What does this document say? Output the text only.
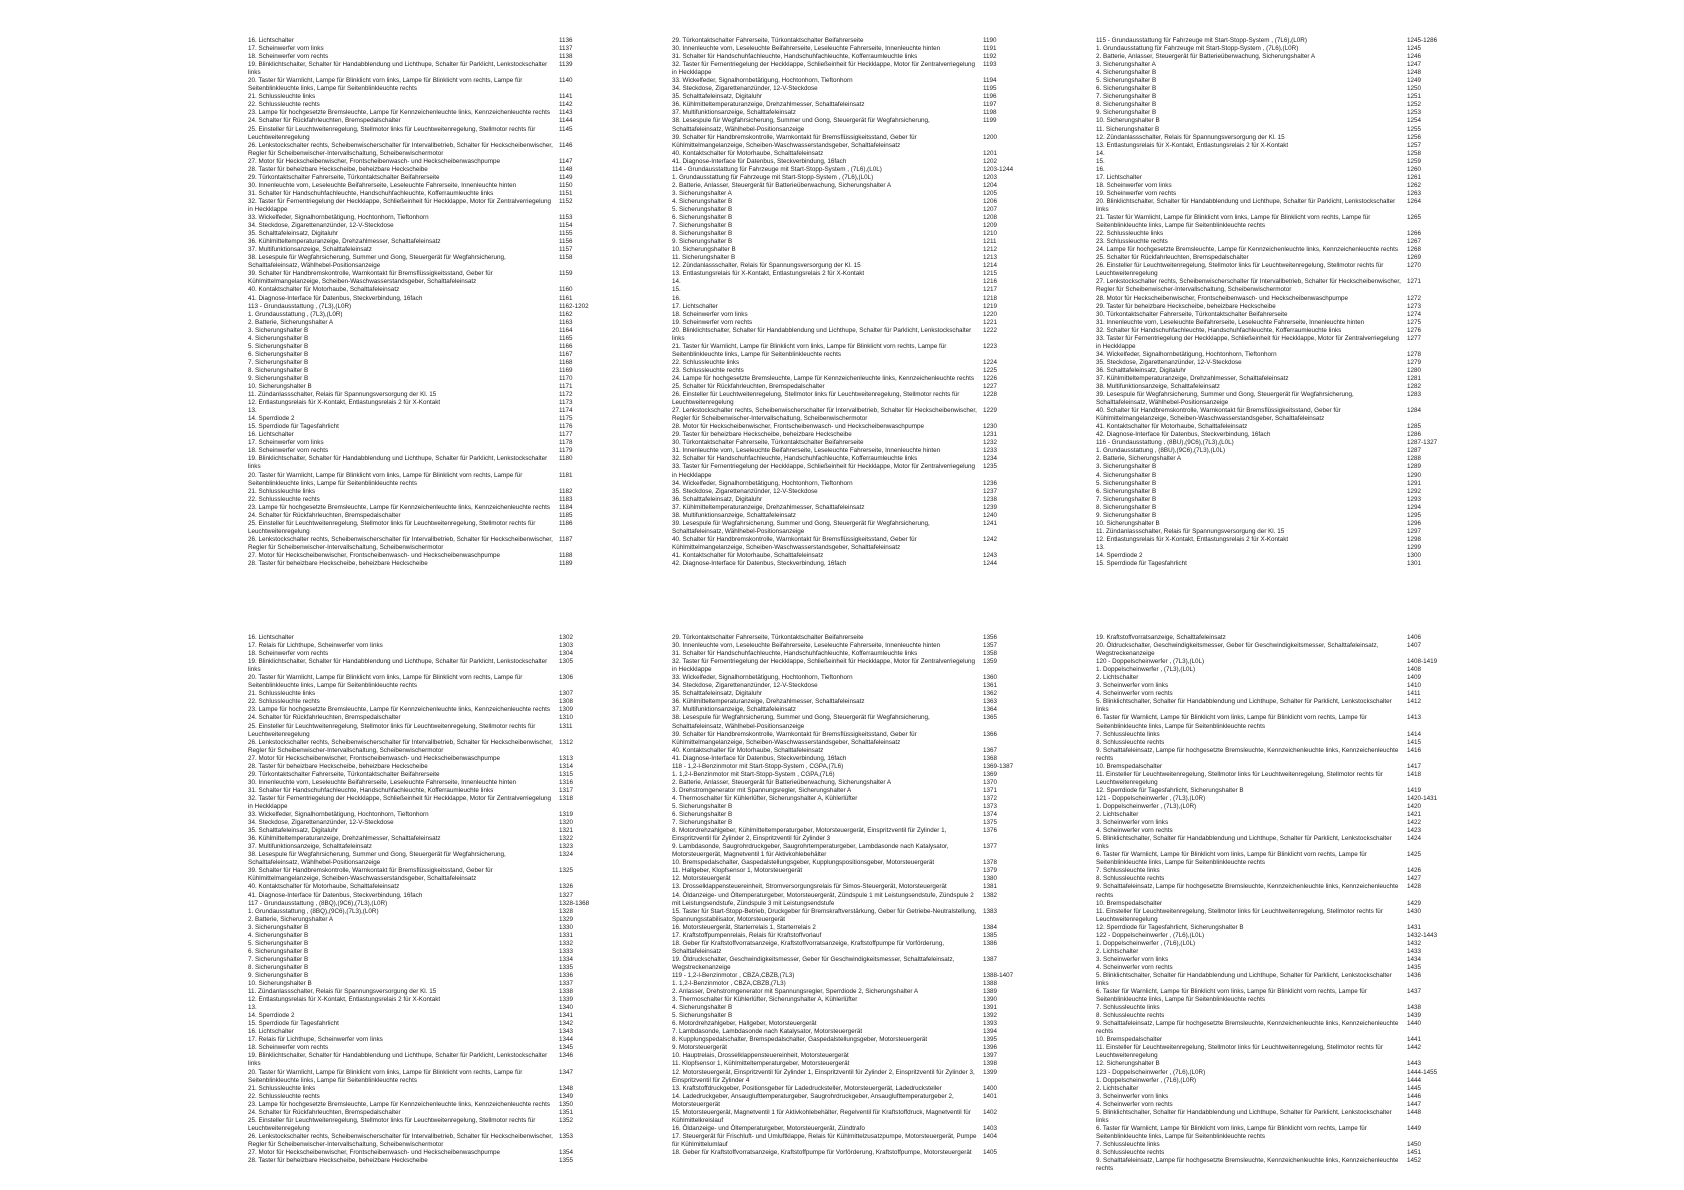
16. Lichtschalter	1136
17. Scheinwerfer vorn links	1137
18. Scheinwerfer vorn rechts	1138
19. Blinklichtschalter, Schalter für Handabblendung und Lichthupe, Schalter für Parklicht, Lenkstockschalter links
1139
20. Taster für Warnlicht, Lampe für Blinklicht vorn links, Lampe für Blinklicht vorn rechts, Lampe für Seitenblinkleuchte links, Lampe für Seitenblinkleuchte rechts
1140
21. Schlussleuchte links	1141
22. Schlussleuchte rechts	1142
23. Lampe für hochgesetzte Bremsleuchte, Lampe für Kennzeichenleuchte links, Kennzeichenleuchte rechts	1143
24. Schalter für Rückfahrleuchten, Bremspedalschalter	1144
25. Einsteller für Leuchtweitenregelung, Stellmotor links für Leuchtweitenregelung, Stellmotor rechts für Leuchtweitenregelung
1145
26. Lenkstockschalter rechts, Scheibenwischerschalter für Intervallbetrieb, Schalter für Heckscheibenwischer, Regler für Scheibenwischer-Intervallschaltung, Scheibenwischermotor
1146
27. Motor für Heckscheibenwischer, Frontscheibenwasch- und Heckscheibenwaschpumpe	1147
28. Taster für beheizbare Heckscheibe, beheizbare Heckscheibe	1148
29. Türkontaktschalter Fahrerseite, Türkontaktschalter Beifahrerseite	1149
30. Innenleuchte vorn, Leseleuchte Beifahrerseite, Leseleuchte Fahrerseite, Innenleuchte hinten	1150
31. Schalter für Handschuhfachleuchte, Handschuhfachleuchte, Kofferraumleuchte links	1151
32. Taster für Fernentriegelung der Heckklappe, Schließeinheit für Heckklappe, Motor für Zentralverriegelung in Heckklappe
1152
33. Wickelfeder, Signalhornbetätigung, Hochtonhorn, Tieftonhorn	1153
34. Steckdose, Zigarettenanzünder, 12-V-Steckdose	1154
35. Schalttafeleinsatz, Digitaluhr	1155
36. Kühlmitteltemperaturanzeige, Drehzahlmesser, Schalttafeleinsatz	1156
37. Multifunktionsanzeige, Schalttafeleinsatz	1157
38. Lesespule für Wegfahrsicherung, Summer und Gong, Steuergerät für Wegfahrsicherung, Schalttafeleinsatz, Wählhebel-Positionsanzeige
1158
39. Schalter für Handbremskontrolle, Warnkontakt für Bremsflüssigkeitsstand, Geber für Kühlmittelmangelanzeige, Scheiben-Waschwasserstandsgeber, Schalttafeleinsatz
1159
40. Kontaktschalter für Motorhaube, Schalttafeleinsatz	1160
41. Diagnose-Interface für Datenbus, Steckverbindung, 16fach	1161
113 - Grundausstattung , (7L3),(L0R)	1162-1202
1. Grundausstattung , (7L3),(L0R)	1162
2. Batterie, Sicherungshalter A	1163
3. Sicherungshalter B	1164
4. Sicherungshalter B	1165
5. Sicherungshalter B	1166
6. Sicherungshalter B	1167
7. Sicherungshalter B	1168
8. Sicherungshalter B	1169
9. Sicherungshalter B	1170
10. Sicherungshalter B	1171
11. Zündanlassschalter, Relais für Spannungsversorgung der Kl. 15	1172
12. Entlastungsrelais für X-Kontakt, Entlastungsrelais 2 für X-Kontakt	1173
13.	1174
14. Sperrdiode 2	1175
15. Sperrdiode für Tagesfahrlicht	1176
16. Lichtschalter	1177
17. Scheinwerfer vorn links	1178
18. Scheinwerfer vorn rechts	1179
19. Blinklichtschalter, Schalter für Handabblendung und Lichthupe, Schalter für Parklicht, Lenkstockschalter links
1180
20. Taster für Warnlicht, Lampe für Blinklicht vorn links, Lampe für Blinklicht vorn rechts, Lampe für Seitenblinkleuchte links, Lampe für Seitenblinkleuchte rechts
1181
21. Schlussleuchte links	1182
22. Schlussleuchte rechts	1183
23. Lampe für hochgesetzte Bremsleuchte, Lampe für Kennzeichenleuchte links, Kennzeichenleuchte rechts	1184
24. Schalter für Rückfahrleuchten, Bremspedalschalter	1185
25. Einsteller für Leuchtweitenregelung, Stellmotor links für Leuchtweitenregelung, Stellmotor rechts für Leuchtweitenregelung
1186
26. Lenkstockschalter rechts, Scheibenwischerschalter für Intervallbetrieb, Schalter für Heckscheibenwischer, Regler für Scheibenwischer-Intervallschaltung, Scheibenwischermotor
1187
27. Motor für Heckscheibenwischer, Frontscheibenwasch- und Heckscheibenwaschpumpe	1188
28. Taster für beheizbare Heckscheibe, beheizbare Heckscheibe	1189
29. Türkontaktschalter Fahrerseite, Türkontaktschalter Beifahrerseite	1190
30. Innenleuchte vorn, Leseleuchte Beifahrerseite, Leseleuchte Fahrerseite, Innenleuchte hinten	1191
31. Schalter für Handschuhfachleuchte, Handschuhfachleuchte, Kofferraumleuchte links	1192
32. Taster für Fernentriegelung der Heckklappe, Schließeinheit für Heckklappe, Motor für Zentralverriegelung in Heckklappe
1193
33. Wickelfeder, Signalhornbetätigung, Hochtonhorn, Tieftonhorn	1194
34. Steckdose, Zigarettenanzünder, 12-V-Steckdose	1195
35. Schalttafeleinsatz, Digitaluhr	1196
36. Kühlmitteltemperaturanzeige, Drehzahlmesser, Schalttafeleinsatz	1197
37. Multifunktionsanzeige, Schalttafeleinsatz	1198
38. Lesespule für Wegfahrsicherung, Summer und Gong, Steuergerät für Wegfahrsicherung, Schalttafeleinsatz, Wählhebel-Positionsanzeige
1199
39. Schalter für Handbremskontrolle, Warnkontakt für Bremsflüssigkeitsstand, Geber für Kühlmittelmangelanzeige, Scheiben-Waschwasserstandsgeber, Schalttafeleinsatz
1200
40. Kontaktschalter für Motorhaube, Schalttafeleinsatz	1201
41. Diagnose-Interface für Datenbus, Steckverbindung, 16fach	1202
114 - Grundausstattung für Fahrzeuge mit Start-Stopp-System , (7L6),(L0L)	1203-1244
1. Grundausstattung für Fahrzeuge mit Start-Stopp-System , (7L6),(L0L)	1203
2. Batterie, Anlasser, Steuergerät für Batterieüberwachung, Sicherungshalter A	1204
3. Sicherungshalter A	1205
4. Sicherungshalter B	1206
5. Sicherungshalter B	1207
6. Sicherungshalter B	1208
7. Sicherungshalter B	1209
8. Sicherungshalter B	1210
9. Sicherungshalter B	1211
10. Sicherungshalter B	1212
11. Sicherungshalter B	1213
12. Zündanlassschalter, Relais für Spannungsversorgung der Kl. 15	1214
13. Entlastungsrelais für X-Kontakt, Entlastungsrelais 2 für X-Kontakt	1215
14.	1216
15.	1217
16.	1218
17. Lichtschalter	1219
18. Scheinwerfer vorn links	1220
19. Scheinwerfer vorn rechts	1221
20. Blinklichtschalter, Schalter für Handabblendung und Lichthupe, Schalter für Parklicht, Lenkstockschalter links
1222
21. Taster für Warnlicht, Lampe für Blinklicht vorn links, Lampe für Blinklicht vorn rechts, Lampe für Seitenblinkleuchte links, Lampe für Seitenblinkleuchte rechts
1223
22. Schlussleuchte links	1224
23. Schlussleuchte rechts	1225
24. Lampe für hochgesetzte Bremsleuchte, Lampe für Kennzeichenleuchte links, Kennzeichenleuchte rechts	1226
25. Schalter für Rückfahrleuchten, Bremspedalschalter	1227
26. Einsteller für Leuchtweitenregelung, Stellmotor links für Leuchtweitenregelung, Stellmotor rechts für Leuchtweitenregelung
1228
27. Lenkstockschalter rechts, Scheibenwischerschalter für Intervallbetrieb, Schalter für Heckscheibenwischer, Regler für Scheibenwischer-Intervallschaltung, Scheibenwischermotor
1229
28. Motor für Heckscheibenwischer, Frontscheibenwasch- und Heckscheibenwaschpumpe	1230
29. Taster für beheizbare Heckscheibe, beheizbare Heckscheibe	1231
30. Türkontaktschalter Fahrerseite, Türkontaktschalter Beifahrerseite	1232
31. Innenleuchte vorn, Leseleuchte Beifahrerseite, Leseleuchte Fahrerseite, Innenleuchte hinten	1233
32. Schalter für Handschuhfachleuchte, Handschuhfachleuchte, Kofferraumleuchte links	1234
33. Taster für Fernentriegelung der Heckklappe, Schließeinheit für Heckklappe, Motor für Zentralverriegelung in Heckklappe
1235
34. Wickelfeder, Signalhornbetätigung, Hochtonhorn, Tieftonhorn	1236
35. Steckdose, Zigarettenanzünder, 12-V-Steckdose	1237
36. Schalttafeleinsatz, Digitaluhr	1238
37. Kühlmitteltemperaturanzeige, Drehzahlmesser, Schalttafeleinsatz	1239
38. Multifunktionsanzeige, Schalttafeleinsatz	1240
39. Lesespule für Wegfahrsicherung, Summer und Gong, Steuergerät für Wegfahrsicherung, Schalttafeleinsatz, Wählhebel-Positionsanzeige
1241
40. Schalter für Handbremskontrolle, Warnkontakt für Bremsflüssigkeitsstand, Geber für Kühlmittelmangelanzeige, Scheiben-Waschwasserstandsgeber, Schalttafeleinsatz
1242
41. Kontaktschalter für Motorhaube, Schalttafeleinsatz	1243
42. Diagnose-Interface für Datenbus, Steckverbindung, 16fach	1244
115 - Grundausstattung für Fahrzeuge mit Start-Stopp-System , (7L6),(L0R)	1245-1286
1. Grundausstattung für Fahrzeuge mit Start-Stopp-System , (7L6),(L0R)	1245
2. Batterie, Anlasser, Steuergerät für Batterieüberwachung, Sicherungshalter A	1246
3. Sicherungshalter A	1247
4. Sicherungshalter B	1248
5. Sicherungshalter B	1249
6. Sicherungshalter B	1250
7. Sicherungshalter B	1251
8. Sicherungshalter B	1252
9. Sicherungshalter B	1253
10. Sicherungshalter B	1254
11. Sicherungshalter B	1255
12. Zündanlassschalter, Relais für Spannungsversorgung der Kl. 15	1256
13. Entlastungsrelais für X-Kontakt, Entlastungsrelais 2 für X-Kontakt	1257
14.	1258
15.	1259
16.	1260
17. Lichtschalter	1261
18. Scheinwerfer vorn links	1262
19. Scheinwerfer vorn rechts	1263
20. Blinklichtschalter, Schalter für Handabblendung und Lichthupe, Schalter für Parklicht, Lenkstockschalter links
1264
21. Taster für Warnlicht, Lampe für Blinklicht vorn links, Lampe für Blinklicht vorn rechts, Lampe für Seitenblinkleuchte links, Lampe für Seitenblinkleuchte rechts
1265
22. Schlussleuchte links	1266
23. Schlussleuchte rechts	1267
24. Lampe für hochgesetzte Bremsleuchte, Lampe für Kennzeichenleuchte links, Kennzeichenleuchte rechts	1268
25. Schalter für Rückfahrleuchten, Bremspedalschalter	1269
26. Einsteller für Leuchtweitenregelung, Stellmotor links für Leuchtweitenregelung, Stellmotor rechts für Leuchtweitenregelung
1270
27. Lenkstockschalter rechts, Scheibenwischerschalter für Intervallbetrieb, Schalter für Heckscheibenwischer, Regler für Scheibenwischer-Intervallschaltung, Scheibenwischermotor
1271
28. Motor für Heckscheibenwischer, Frontscheibenwasch- und Heckscheibenwaschpumpe	1272
29. Taster für beheizbare Heckscheibe, beheizbare Heckscheibe	1273
30. Türkontaktschalter Fahrerseite, Türkontaktschalter Beifahrerseite	1274
31. Innenleuchte vorn, Leseleuchte Beifahrerseite, Leseleuchte Fahrerseite, Innenleuchte hinten	1275
32. Schalter für Handschuhfachleuchte, Handschuhfachleuchte, Kofferraumleuchte links	1276
33. Taster für Fernentriegelung der Heckklappe, Schließeinheit für Heckklappe, Motor für Zentralverriegelung in Heckklappe
1277
34. Wickelfeder, Signalhornbetätigung, Hochtonhorn, Tieftonhorn	1278
35. Steckdose, Zigarettenanzünder, 12-V-Steckdose	1279
36. Schalttafeleinsatz, Digitaluhr	1280
37. Kühlmitteltemperaturanzeige, Drehzahlmesser, Schalttafeleinsatz	1281
38. Multifunktionsanzeige, Schalttafeleinsatz	1282
39. Lesespule für Wegfahrsicherung, Summer und Gong, Steuergerät für Wegfahrsicherung, Schalttafeleinsatz, Wählhebel-Positionsanzeige
1283
40. Schalter für Handbremskontrolle, Warnkontakt für Bremsflüssigkeitsstand, Geber für Kühlmittelmangelanzeige, Scheiben-Waschwasserstandsgeber, Schalttafeleinsatz
1284
41. Kontaktschalter für Motorhaube, Schalttafeleinsatz	1285
42. Diagnose-Interface für Datenbus, Steckverbindung, 16fach	1286
116 - Grundausstattung , (8BU),(9C6),(7L3),(L0L)	1287-1327
1. Grundausstattung , (8BU),(9C6),(7L3),(L0L)	1287
2. Batterie, Sicherungshalter A	1288
3. Sicherungshalter B	1289
4. Sicherungshalter B	1290
5. Sicherungshalter B	1291
6. Sicherungshalter B	1292
7. Sicherungshalter B	1293
8. Sicherungshalter B	1294
9. Sicherungshalter B	1295
10. Sicherungshalter B	1296
11. Zündanlassschalter, Relais für Spannungsversorgung der Kl. 15	1297
12. Entlastungsrelais für X-Kontakt, Entlastungsrelais 2 für X-Kontakt	1298
13.	1299
14. Sperrdiode 2	1300
15. Sperrdiode für Tagesfahrlicht	1301
16. Lichtschalter	1302
17. Relais für Lichthupe, Scheinwerfer vorn links	1303
18. Scheinwerfer vorn rechts	1304
19. Blinklichtschalter, Schalter für Handabblendung und Lichthupe, Schalter für Parklicht, Lenkstockschalter links
1305
20. Taster für Warnlicht, Lampe für Blinklicht vorn links, Lampe für Blinklicht vorn rechts, Lampe für Seitenblinkleuchte links, Lampe für Seitenblinkleuchte rechts
1306
21. Schlussleuchte links	1307
22. Schlussleuchte rechts	1308
23. Lampe für hochgesetzte Bremsleuchte, Lampe für Kennzeichenleuchte links, Kennzeichenleuchte rechts	1309
24. Schalter für Rückfahrleuchten, Bremspedalschalter	1310
25. Einsteller für Leuchtweitenregelung, Stellmotor links für Leuchtweitenregelung, Stellmotor rechts für Leuchtweitenregelung
1311
26. Lenkstockschalter rechts, Scheibenwischerschalter für Intervallbetrieb, Schalter für Heckscheibenwischer, Regler für Scheibenwischer-Intervallschaltung, Scheibenwischermotor
1312
27. Motor für Heckscheibenwischer, Frontscheibenwasch- und Heckscheibenwaschpumpe	1313
28. Taster für beheizbare Heckscheibe, beheizbare Heckscheibe	1314
29. Türkontaktschalter Fahrerseite, Türkontaktschalter Beifahrerseite	1315
30. Innenleuchte vorn, Leseleuchte Beifahrerseite, Leseleuchte Fahrerseite, Innenleuchte hinten	1316
31. Schalter für Handschuhfachleuchte, Handschuhfachleuchte, Kofferraumleuchte links	1317
32. Taster für Fernentriegelung der Heckklappe, Schließeinheit für Heckklappe, Motor für Zentralverriegelung in Heckklappe
1318
33. Wickelfeder, Signalhornbetätigung, Hochtonhorn, Tieftonhorn	1319
34. Steckdose, Zigarettenanzünder, 12-V-Steckdose	1320
35. Schalttafeleinsatz, Digitaluhr	1321
36. Kühlmitteltemperaturanzeige, Drehzahlmesser, Schalttafeleinsatz	1322
37. Multifunktionsanzeige, Schalttafeleinsatz	1323
38. Lesespule für Wegfahrsicherung, Summer und Gong, Steuergerät für Wegfahrsicherung, Schalttafeleinsatz, Wählhebel-Positionsanzeige
1324
39. Schalter für Handbremskontrolle, Warnkontakt für Bremsflüssigkeitsstand, Geber für Kühlmittelmangelanzeige, Scheiben-Waschwasserstandsgeber, Schalttafeleinsatz
1325
40. Kontaktschalter für Motorhaube, Schalttafeleinsatz	1326
41. Diagnose-Interface für Datenbus, Steckverbindung, 16fach	1327
117 - Grundausstattung , (8BQ),(9C6),(7L3),(L0R)	1328-1368
1. Grundausstattung , (8BQ),(9C6),(7L3),(L0R)	1328
2. Batterie, Sicherungshalter A	1329
3. Sicherungshalter B	1330
4. Sicherungshalter B	1331
5. Sicherungshalter B	1332
6. Sicherungshalter B	1333
7. Sicherungshalter B	1334
8. Sicherungshalter B	1335
9. Sicherungshalter B	1336
10. Sicherungshalter B	1337
11. Zündanlassschalter, Relais für Spannungsversorgung der Kl. 15	1338
12. Entlastungsrelais für X-Kontakt, Entlastungsrelais 2 für X-Kontakt	1339
13.	1340
14. Sperrdiode 2	1341
15. Sperrdiode für Tagesfahrlicht	1342
16. Lichtschalter	1343
17. Relais für Lichthupe, Scheinwerfer vorn links	1344
18. Scheinwerfer vorn rechts	1345
19. Blinklichtschalter, Schalter für Handabblendung und Lichthupe, Schalter für Parklicht, Lenkstockschalter links
1346
20. Taster für Warnlicht, Lampe für Blinklicht vorn links, Lampe für Blinklicht vorn rechts, Lampe für Seitenblinkleuchte links, Lampe für Seitenblinkleuchte rechts
1347
21. Schlussleuchte links	1348
22. Schlussleuchte rechts	1349
23. Lampe für hochgesetzte Bremsleuchte, Lampe für Kennzeichenleuchte links, Kennzeichenleuchte rechts	1350
24. Schalter für Rückfahrleuchten, Bremspedalschalter	1351
25. Einsteller für Leuchtweitenregelung, Stellmotor links für Leuchtweitenregelung, Stellmotor rechts für Leuchtweitenregelung
1352
26. Lenkstockschalter rechts, Scheibenwischerschalter für Intervallbetrieb, Schalter für Heckscheibenwischer, Regler für Scheibenwischer-Intervallschaltung, Scheibenwischermotor
1353
27. Motor für Heckscheibenwischer, Frontscheibenwasch- und Heckscheibenwaschpumpe	1354
28. Taster für beheizbare Heckscheibe, beheizbare Heckscheibe	1355
29. Türkontaktschalter Fahrerseite, Türkontaktschalter Beifahrerseite	1356
30. Innenleuchte vorn, Leseleuchte Beifahrerseite, Leseleuchte Fahrerseite, Innenleuchte hinten	1357
31. Schalter für Handschuhfachleuchte, Handschuhfachleuchte, Kofferraumleuchte links	1358
32. Taster für Fernentriegelung der Heckklappe, Schließeinheit für Heckklappe, Motor für Zentralverriegelung in Heckklappe
1359
33. Wickelfeder, Signalhornbetätigung, Hochtonhorn, Tieftonhorn	1360
34. Steckdose, Zigarettenanzünder, 12-V-Steckdose	1361
35. Schalttafeleinsatz, Digitaluhr	1362
36. Kühlmitteltemperaturanzeige, Drehzahlmesser, Schalttafeleinsatz	1363
37. Multifunktionsanzeige, Schalttafeleinsatz	1364
38. Lesespule für Wegfahrsicherung, Summer und Gong, Steuergerät für Wegfahrsicherung, Schalttafeleinsatz, Wählhebel-Positionsanzeige
1365
39. Schalter für Handbremskontrolle, Warnkontakt für Bremsflüssigkeitsstand, Geber für Kühlmittelmangelanzeige, Scheiben-Waschwasserstandsgeber, Schalttafeleinsatz
1366
40. Kontaktschalter für Motorhaube, Schalttafeleinsatz	1367
41. Diagnose-Interface für Datenbus, Steckverbindung, 16fach	1368
118 - 1,2-l-Benzinmotor mit Start-Stopp-System , CGPA,(7L6)	1369-1387
1. 1,2-l-Benzinmotor mit Start-Stopp-System , CGPA,(7L6)	1369
2. Batterie, Anlasser, Steuergerät für Batterieüberwachung, Sicherungshalter A	1370
3. Drehstromgenerator mit Spannungsregler, Sicherungshalter A	1371
4. Thermoschalter für Kühlerlüfter, Sicherungshalter A, Kühlerlüfter	1372
5. Sicherungshalter B	1373
6. Sicherungshalter B	1374
7. Sicherungshalter B	1375
8. Motordrehzahlgeber, Kühlmitteltemperaturgeber, Motorsteuergerät, Einspritzventil für Zylinder 1, Einspritzventil für Zylinder 2, Einspritzventil für Zylinder 3
1376
9. Lambdasonde, Saugrohrdruckgeber, Saugrohrtemperaturgeber, Lambdasonde nach Katalysator, Motorsteuergerät, Magnetventil 1 für Aktivkohlebehälter
1377
10. Bremspedalschalter, Gaspedalstellungsgeber, Kupplungspositionsgeber, Motorsteuergerät	1378
11. Hallgeber, Klopfsensor 1, Motorsteuergerät	1379
12. Motorsteuergerät	1380
13. Drosselklappensteuereinheit, Stromversorgungsrelais für Simos-Steuergerät, Motorsteuergerät	1381
14. Öldanzeige- und Öltemperaturgeber, Motorsteuergerät, Zündspule 1 mit Leistungsendstufe, Zündspule 2 mit Leistungsendstufe, Zündspule 3 mit Leistungsendstufe
1382
15. Taster für Start-Stopp-Betrieb, Druckgeber für Bremskraftverstärkung, Geber für Getriebe-Neutralstellung, Spannungsstabilisator, Motorsteuergerät
1383
16. Motorsteuergerät, Starterrelais 1, Starterrelais 2	1384
17. Kraftstoffpumpenrelais, Relais für Kraftstoffvorlauf	1385
18. Geber für Kraftstoffvorratsanzeige, Kraftstoffvorratsanzeige, Kraftstoffpumpe für Vorförderung, Schalttafeleinsatz
1386
19. Öldruckschalter, Geschwindigkeitsmesser, Geber für Geschwindigkeitsmesser, Schalttafeleinsatz, Wegstreckenanzeige
1387
119 - 1,2-l-Benzinmotor , CBZA,CBZB,(7L3)	1388-1407
1. 1,2-l-Benzinmotor , CBZA,CBZB,(7L3)	1388
2. Anlasser, Drehstromgenerator mit Spannungsregler, Sperrdiode 2, Sicherungshalter A	1389
3. Thermoschalter für Kühlerlüfter, Sicherungshalter A, Kühlerlüfter	1390
4. Sicherungshalter B	1391
5. Sicherungshalter B	1392
6. Motordrehzahlgeber, Hallgeber, Motorsteuergerät	1393
7. Lambdasonde, Lambdasonde nach Katalysator, Motorsteuergerät	1394
8. Kupplungspedalschalter, Bremspedalschalter, Gaspedalstellungsgeber, Motorsteuergerät	1395
9. Motorsteuergerät	1396
10. Hauptrelais, Drosselklappensteuereinheit, Motorsteuergerät	1397
11. Klopfsensor 1, Kühlmitteltemperaturgeber, Motorsteuergerät	1398
12. Motorsteuergerät, Einspritzventil für Zylinder 1, Einspritzventil für Zylinder 2, Einspritzventil für Zylinder 3, Einspritzventil für Zylinder 4
1399
13. Kraftstoffdruckgeber, Positionsgeber für Ladedrucksteller, Motorsteuergerät, Ladedrucksteller	1400
14. Ladedruckgeber, Ansauglufttemperaturgeber, Saugrohrdruckgeber, Ansauglufttemperaturgeber 2, Motorsteuergerät
1401
15. Motorsteuergerät, Magnetventil 1 für Aktivkohlebehälter, Regelventil für Kraftstoffdruck, Magnetventil für Kühlmittelkreislauf
1402
16. Öldanzeige- und Öltemperaturgeber, Motorsteuergerät, Zündtrafo	1403
17. Steuergerät für Frischluft- und Umluftklappe, Relais für Kühlmittelzusatzpumpe, Motorsteuergerät, Pumpe für Kühlmittelumlauf
1404
18. Geber für Kraftstoffvorratsanzeige, Kraftstoffpumpe für Vorförderung, Kraftstoffpumpe, Motorsteuergerät	1405
19. Kraftstoffvorratsanzeige, Schalttafeleinsatz	1406
20. Öldruckschalter, Geschwindigkeitsmesser, Geber für Geschwindigkeitsmesser, Schalttafeleinsatz, Wegstreckenanzeige
1407
120 - Doppelscheinwerfer , (7L3),(L0L)	1408-1419
1. Doppelscheinwerfer , (7L3),(L0L)	1408
2. Lichtschalter	1409
3. Scheinwerfer vorn links	1410
4. Scheinwerfer vorn rechts	1411
5. Blinklichtschalter, Schalter für Handabblendung und Lichthupe, Schalter für Parklicht, Lenkstockschalter links
1412
6. Taster für Warnlicht, Lampe für Blinklicht vorn links, Lampe für Blinklicht vorn rechts, Lampe für Seitenblinkleuchte links, Lampe für Seitenblinkleuchte rechts
1413
7. Schlussleuchte links	1414
8. Schlussleuchte rechts	1415
9. Schalttafeleinsatz, Lampe für hochgesetzte Bremsleuchte, Kennzeichenleuchte links, Kennzeichenleuchte rechts
1416
10. Bremspedalschalter	1417
11. Einsteller für Leuchtweitenregelung, Stellmotor links für Leuchtweitenregelung, Stellmotor rechts für Leuchtweitenregelung
1418
12. Sperrdiode für Tagesfahrlicht, Sicherungshalter B	1419
121 - Doppelscheinwerfer , (7L3),(L0R)	1420-1431
1. Doppelscheinwerfer , (7L3),(L0R)	1420
2. Lichtschalter	1421
3. Scheinwerfer vorn links	1422
4. Scheinwerfer vorn rechts	1423
5. Blinklichtschalter, Schalter für Handabblendung und Lichthupe, Schalter für Parklicht, Lenkstockschalter links
1424
6. Taster für Warnlicht, Lampe für Blinklicht vorn links, Lampe für Blinklicht vorn rechts, Lampe für Seitenblinkleuchte links, Lampe für Seitenblinkleuchte rechts
1425
7. Schlussleuchte links	1426
8. Schlussleuchte rechts	1427
9. Schalttafeleinsatz, Lampe für hochgesetzte Bremsleuchte, Kennzeichenleuchte links, Kennzeichenleuchte rechts
1428
10. Bremspedalschalter	1429
11. Einsteller für Leuchtweitenregelung, Stellmotor links für Leuchtweitenregelung, Stellmotor rechts für Leuchtweitenregelung
1430
12. Sperrdiode für Tagesfahrlicht, Sicherungshalter B	1431
122 - Doppelscheinwerfer , (7L6),(L0L)	1432-1443
1. Doppelscheinwerfer , (7L6),(L0L)	1432
2. Lichtschalter	1433
3. Scheinwerfer vorn links	1434
4. Scheinwerfer vorn rechts	1435
5. Blinklichtschalter, Schalter für Handabblendung und Lichthupe, Schalter für Parklicht, Lenkstockschalter links
1436
6. Taster für Warnlicht, Lampe für Blinklicht vorn links, Lampe für Blinklicht vorn rechts, Lampe für Seitenblinkleuchte links, Lampe für Seitenblinkleuchte rechts
1437
7. Schlussleuchte links	1438
8. Schlussleuchte rechts	1439
9. Schalttafeleinsatz, Lampe für hochgesetzte Bremsleuchte, Kennzeichenleuchte links, Kennzeichenleuchte rechts
1440
10. Bremspedalschalter	1441
11. Einsteller für Leuchtweitenregelung, Stellmotor links für Leuchtweitenregelung, Stellmotor rechts für Leuchtweitenregelung
1442
12. Sicherungshalter B	1443
123 - Doppelscheinwerfer , (7L6),(L0R)	1444-1455
1. Doppelscheinwerfer , (7L6),(L0R)	1444
2. Lichtschalter	1445
3. Scheinwerfer vorn links	1446
4. Scheinwerfer vorn rechts	1447
5. Blinklichtschalter, Schalter für Handabblendung und Lichthupe, Schalter für Parklicht, Lenkstockschalter links
1448
6. Taster für Warnlicht, Lampe für Blinklicht vorn links, Lampe für Blinklicht vorn rechts, Lampe für Seitenblinkleuchte links, Lampe für Seitenblinkleuchte rechts
1449
7. Schlussleuchte links	1450
8. Schlussleuchte rechts	1451
9. Schalttafeleinsatz, Lampe für hochgesetzte Bremsleuchte, Kennzeichenleuchte links, Kennzeichenleuchte rechts
1452
